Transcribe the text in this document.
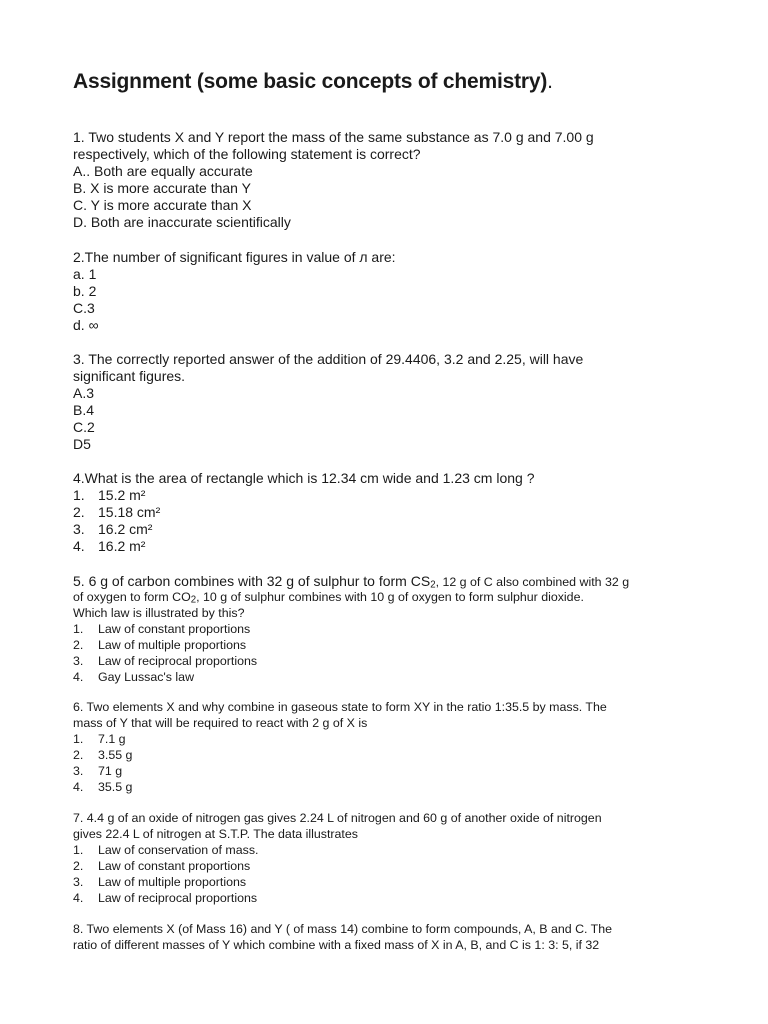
Assignment (some basic concepts of chemistry).

1. Two students X and Y report the mass of the same substance as 7.0 g and 7.00 g

respectively, which of the following statement is correct?

A.. Both are equally accurate

B. X is more accurate than Y

C. Y is more accurate than X

D. Both are inaccurate scientifically

2.The number of significant figures in value of л are:

a. 1

b. 2

C.3

d. ∞

3. The correctly reported answer of the addition of 29.4406, 3.2 and 2.25, will have

significant figures.

A.3

B.4

C.2

D5

4.What is the area of rectangle which is 12.34 cm wide and 1.23 cm long ?

1. 15.2 m²

2. 15.18 cm²

3. 16.2 cm²

4. 16.2 m²

5. 6 g of carbon combines with 32 g of sulphur to form $CS_2$, 12 g of C also combined with 32 g

of oxygen to form $CO_2$, 10 g of sulphur combines with 10 g of oxygen to form sulphur dioxide.

Which law is illustrated by this?

1. Law of constant proportions

2. Law of multiple proportions

3. Law of reciprocal proportions

4. Gay Lussac's law

6. Two elements X and why combine in gaseous state to form XY in the ratio 1:35.5 by mass. The

mass of Y that will be required to react with 2 g of X is

1. 7.1 g

2. 3.55 g

3. 71 g

4. 35.5 g

7. 4.4 g of an oxide of nitrogen gas gives 2.24 L of nitrogen and 60 g of another oxide of nitrogen

gives 22.4 L of nitrogen at S.T.P. The data illustrates

1. Law of conservation of mass.

2. Law of constant proportions

3. Law of multiple proportions

4. Law of reciprocal proportions

8. Two elements X (of Mass 16) and Y ( of mass 14) combine to form compounds, A, B and C. The

ratio of different masses of Y which combine with a fixed mass of X in A, B, and C is 1: 3: 5, if 32
